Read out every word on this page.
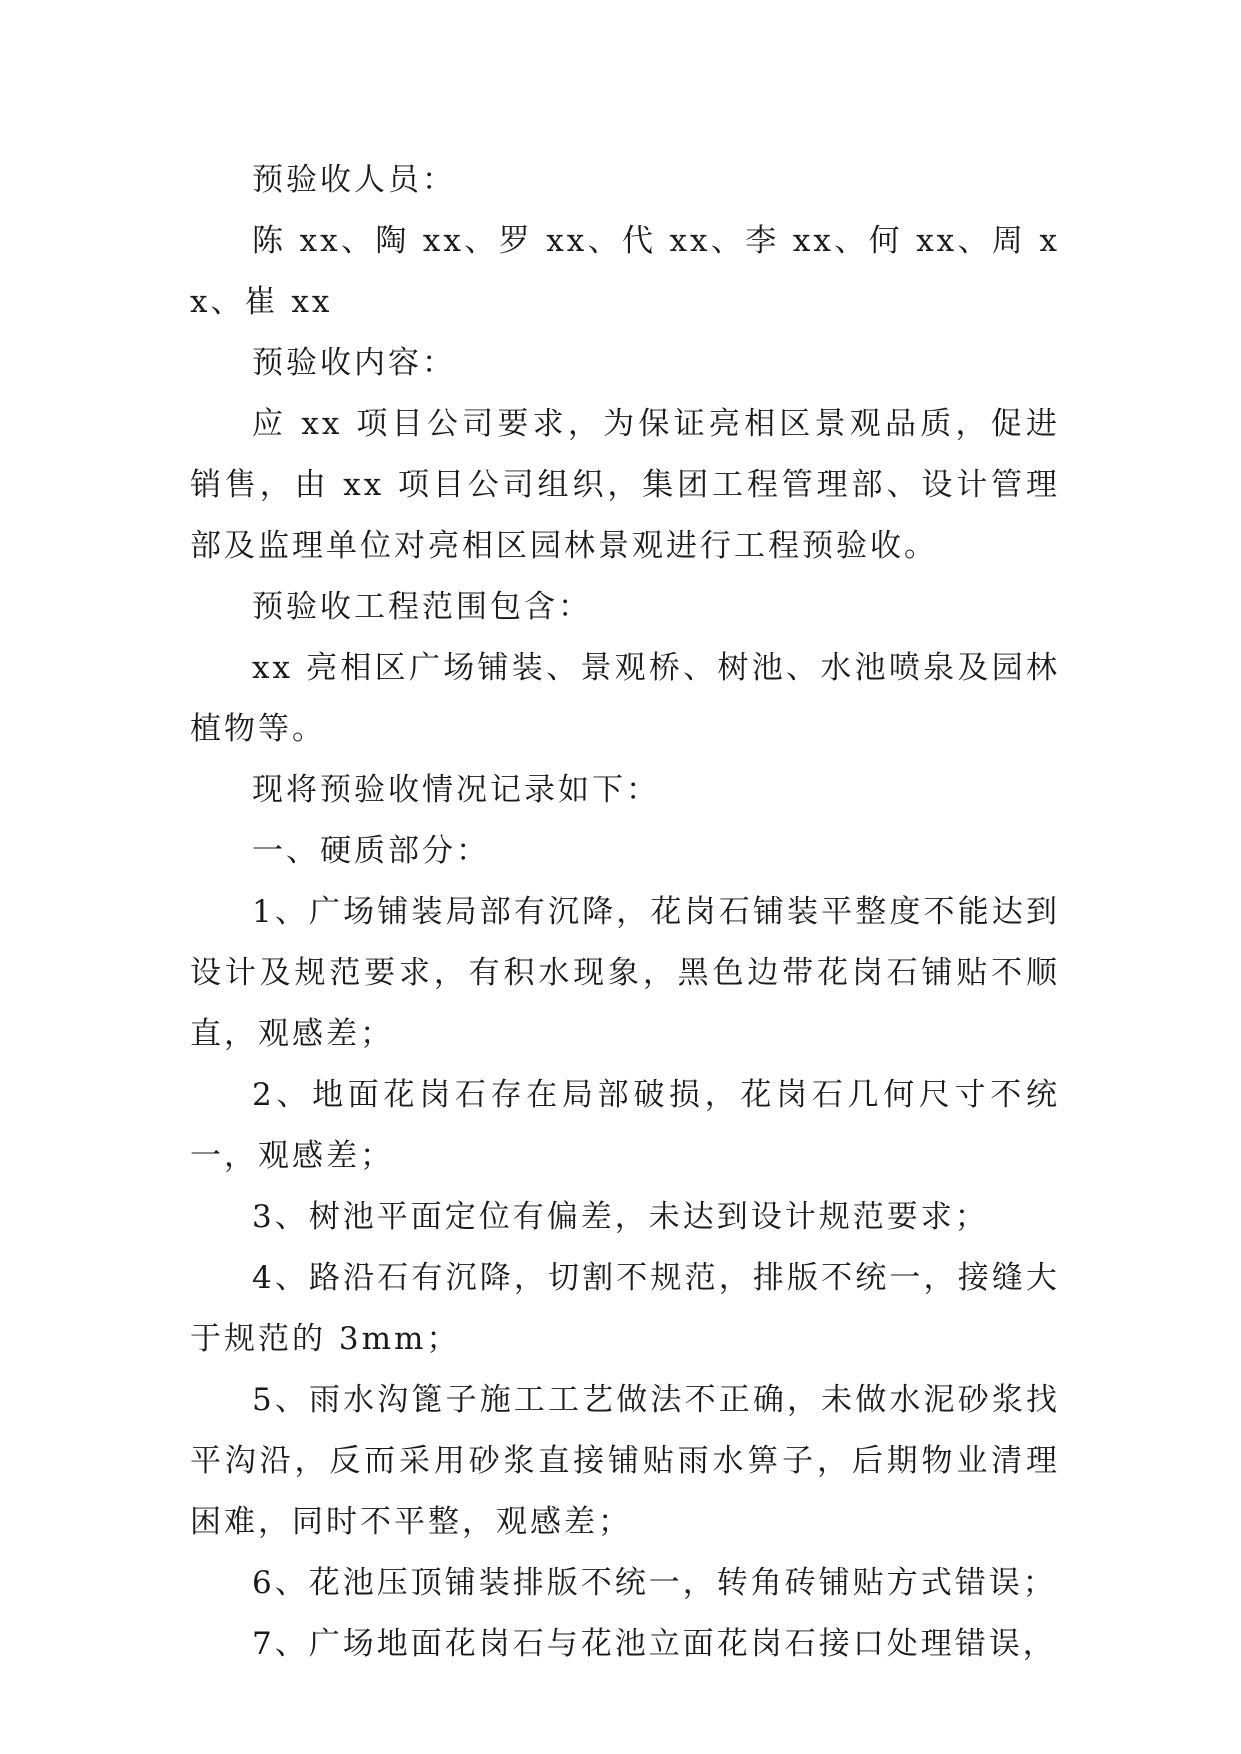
预验收人员：

陈 xx、陶 xx、罗 xx、代 xx、李 xx、何 xx、周 xx、崔 xx

预验收内容：

应 xx 项目公司要求，为保证亮相区景观品质，促进销售，由 xx 项目公司组织，集团工程管理部、设计管理部及监理单位对亮相区园林景观进行工程预验收。

预验收工程范围包含：

xx 亮相区广场铺装、景观桥、树池、水池喷泉及园林植物等。

现将预验收情况记录如下：

一、硬质部分：

1、广场铺装局部有沉降，花岗石铺装平整度不能达到设计及规范要求，有积水现象，黑色边带花岗石铺贴不顺直，观感差；

2、地面花岗石存在局部破损，花岗石几何尺寸不统一，观感差；

3、树池平面定位有偏差，未达到设计规范要求；

4、路沿石有沉降，切割不规范，排版不统一，接缝大于规范的 3mm；

5、雨水沟篦子施工工艺做法不正确，未做水泥砂浆找平沟沿，反而采用砂浆直接铺贴雨水箅子，后期物业清理困难，同时不平整，观感差；

6、花池压顶铺装排版不统一，转角砖铺贴方式错误；

7、广场地面花岗石与花池立面花岗石接口处理错误，
